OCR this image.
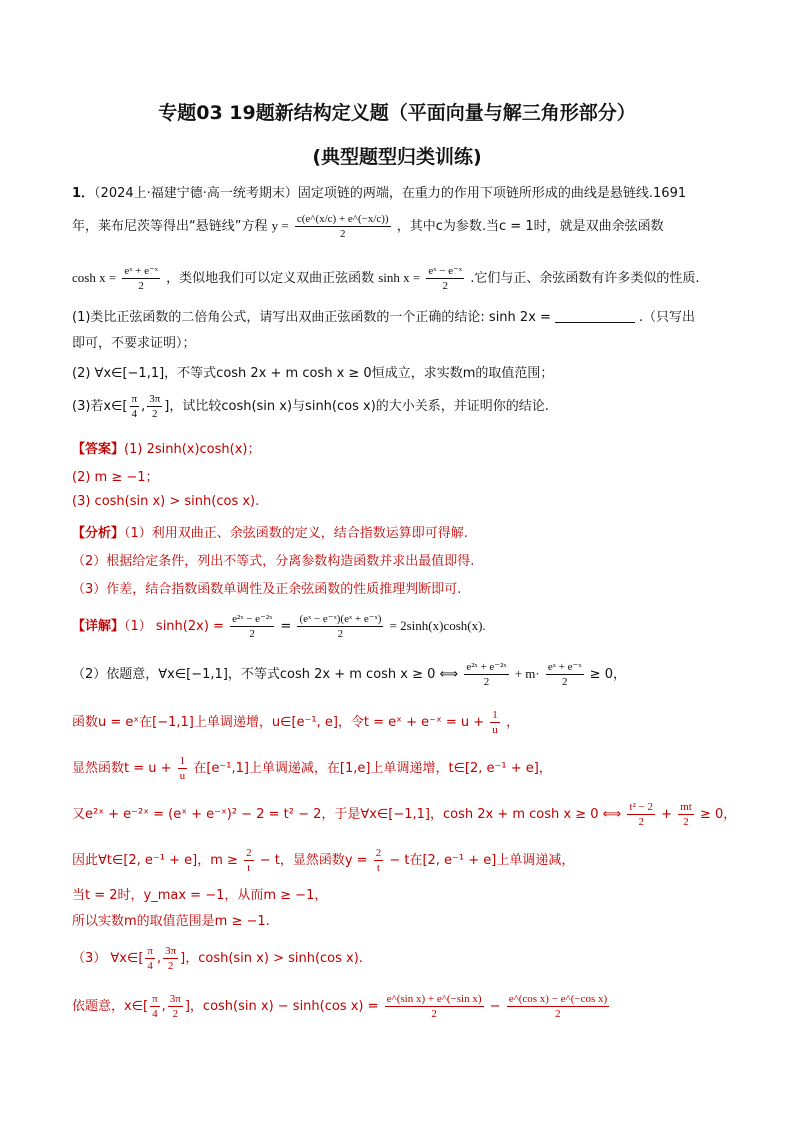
专题03 19题新结构定义题（平面向量与解三角形部分）
(典型题型归类训练)
1．（2024上·福建宁德·高一统考期末）固定项链的两端，在重力的作用下项链所形成的曲线是悬链线.1691
年，莱布尼茨等得出“悬链线”方程 $y = \frac{c(e\^{}(x/c) + e\^{}(-x/c))}{2}$ ，其中c为参数.当c = 1时，就是双曲余弦函数
$\cosh x = \frac{\text{eˣ + e⁻ˣ}}{2}$ ，类似地我们可以定义双曲正弦函数 $\sinh x = \frac{\text{eˣ − e⁻ˣ}}{2}$ .它们与正、余弦函数有许多类似的性质.
(1)类比正弦函数的二倍角公式，请写出双曲正弦函数的一个正确的结论: sinh 2x =	.（只写出
即可，不要求证明）；
(2) ∀x∈[−1,1]，不等式cosh 2x + m cosh x ≥ 0恒成立，求实数m的取值范围；
(3)若x∈[ $\frac{\pi}{4}$ , $\frac{3\pi}{2}$ ]，试比较cosh(sin x)与sinh(cos x)的大小关系，并证明你的结论.
【答案】(1) 2sinh(x)cosh(x)；
(2) m ≥ −1；
(3) cosh(sin x) > sinh(cos x).
【分析】（1）利用双曲正、余弦函数的定义，结合指数运算即可得解.
（2）根据给定条件，列出不等式，分离参数构造函数并求出最值即得.
（3）作差，结合指数函数单调性及正余弦函数的性质推理判断即可.
【详解】（1） $\sinh(2x) = \frac{\text{e²ˣ − e⁻²ˣ}}{2} = \frac{\text{(eˣ − e⁻ˣ)(eˣ + e⁻ˣ)}}{2} = 2\sinh(x)\cosh(x)$.
（2）依题意，∀x∈[−1,1]，不等式cosh 2x + m cosh x ≥ 0 ⟺ $\frac{\text{e²ˣ + e⁻²ˣ}}{2} + m\cdot \frac{\text{eˣ + e⁻ˣ}}{2} \ge 0$，
函数u = eˣ在[−1,1]上单调递增，u∈[e⁻¹, e]，令t = eˣ + e⁻ˣ = $u + \frac{1}{u}$ ，
显然函数$t = u + \frac{1}{u}$ 在[e⁻¹,1]上单调递减，在[1,e]上单调递增，t∈[2, e⁻¹ + e]，
又e²ˣ + e⁻²ˣ = (eˣ + e⁻ˣ)² − 2 = t² − 2，于是∀x∈[−1,1]，cosh 2x + m cosh x ≥ 0 ⟺ $\frac{\text{t² − 2}}{2} + \frac{mt}{2} \ge 0$，
因此∀t∈[2, e⁻¹ + e]，$m \ge \frac{2}{t} - t$，显然函数$y = \frac{2}{t} - t$在[2, e⁻¹ + e]上单调递减，
当t = 2时，y_max = −1，从而m ≥ −1，
所以实数m的取值范围是m ≥ −1.
（3） ∀x∈[ $\frac{\pi}{4}$ , $\frac{3\pi}{2}$ ]，cosh(sin x) > sinh(cos x).
依题意，x∈[ $\frac{\pi}{4}$ , $\frac{3\pi}{2}$ ]，cosh(sin x) − sinh(cos $x) = \frac{\text{e\textasciicircum{}(sin x) + e\textasciicircum{}(−sin x)}}{2} - \frac{\text{e\textasciicircum{}(cos x) − e\textasciicircum{}(−cos x)}}{2}$
